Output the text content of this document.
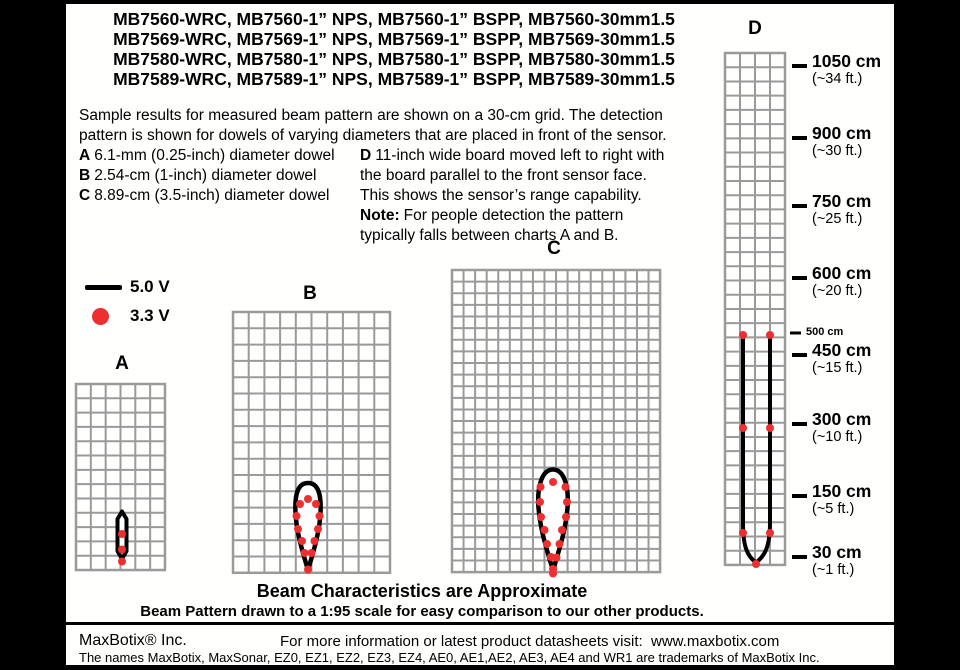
MB7560-WRC, MB7560-1” NPS, MB7560-1” BSPP, MB7560-30mm1.5
MB7569-WRC, MB7569-1” NPS, MB7569-1” BSPP, MB7569-30mm1.5
MB7580-WRC, MB7580-1” NPS, MB7580-1” BSPP, MB7580-30mm1.5
MB7589-WRC, MB7589-1” NPS, MB7589-1” BSPP, MB7589-30mm1.5
Sample results for measured beam pattern are shown on a 30-cm grid. The detection
pattern is shown for dowels of varying diameters that are placed in front of the sensor.
A 6.1-mm (0.25-inch) diameter dowel
B 2.54-cm (1-inch) diameter dowel
C 8.89-cm (3.5-inch) diameter dowel
D 11-inch wide board moved left to right with
the board parallel to the front sensor face.
This shows the sensor’s range capability.
Note: For people detection the pattern
typically falls between charts A and B.
5.0 V
3.3 V
A
B
C
D
1050 cm
(~34 ft.)
900 cm
(~30 ft.)
750 cm
(~25 ft.)
600 cm
(~20 ft.)
500 cm
450 cm
(~15 ft.)
300 cm
(~10 ft.)
150 cm
(~5 ft.)
30 cm
(~1 ft.)
Beam Characteristics are Approximate
Beam Pattern drawn to a 1:95 scale for easy comparison to our other products.
MaxBotix® Inc.	For more information or latest product datasheets visit:  www.maxbotix.com
The names MaxBotix, MaxSonar, EZ0, EZ1, EZ2, EZ3, EZ4, AE0, AE1,AE2, AE3, AE4 and WR1 are trademarks of MaxBotix Inc.
